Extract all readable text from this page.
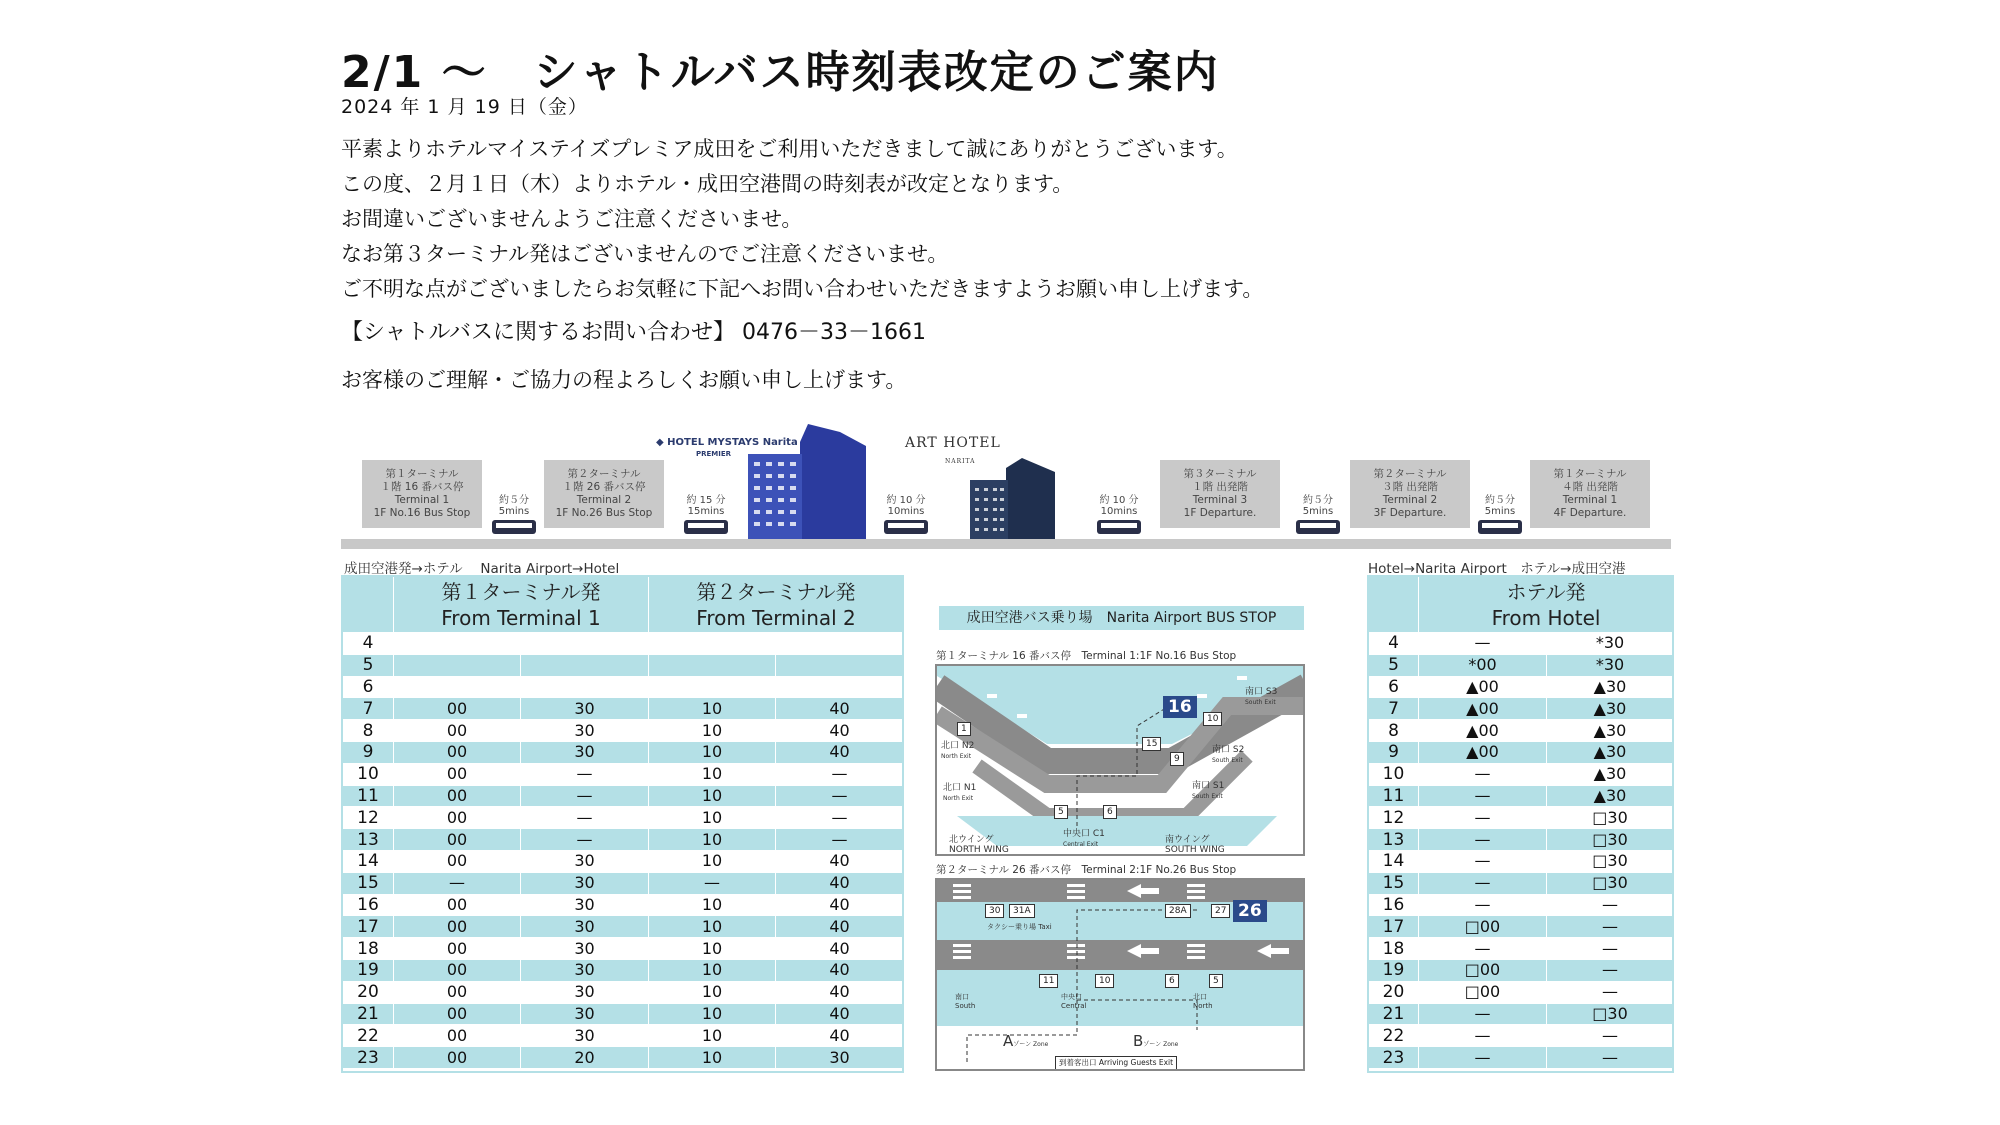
2/1 ～　シャトルバス時刻表改定のご案内
2024 年 1 月 19 日（金）
平素よりホテルマイステイズプレミア成田をご利用いただきまして誠にありがとうございます。
この度、２月１日（木）よりホテル・成田空港間の時刻表が改定となります。
お間違いございませんようご注意くださいませ。
なお第３ターミナル発はございませんのでご注意くださいませ。
ご不明な点がございましたらお気軽に下記へお問い合わせいただきますようお願い申し上げます。
【シャトルバスに関するお問い合わせ】 0476－33－1661
お客様のご理解・ご協力の程よろしくお願い申し上げます。
第１ターミナル
１階 16 番バス停
Terminal 1
1F No.16 Bus Stop
約５分
5mins
第２ターミナル
１階 26 番バス停
Terminal 2
1F No.26 Bus Stop
約 15 分
15mins
◆ HOTEL MYSTAYS Narita
PREMIER
約 10 分
10mins
ART HOTEL
NARITA
約 10 分
10mins
第３ターミナル
１階 出発階
Terminal 3
1F Departure.
約５分
5mins
第２ターミナル
３階 出発階
Terminal 2
3F Departure.
約５分
5mins
第１ターミナル
４階 出発階
Terminal 1
4F Departure.
成田空港発→ホテル　 Narita Airport→Hotel	Hotel→Narita Airport　ホテル→成田空港
	第１ターミナル発
From Terminal 1		第２ターミナル発
From Terminal 2	
4				
5				
6				
7	00	30	10	40
8	00	30	10	40
9	00	30	10	40
10	00	—	10	—
11	00	—	10	—
12	00	—	10	—
13	00	—	10	—
14	00	30	10	40
15	—	30	—	40
16	00	30	10	40
17	00	30	10	40
18	00	30	10	40
19	00	30	10	40
20	00	30	10	40
21	00	30	10	40
22	00	30	10	40
23	00	20	10	30
	ホテル発
From Hotel	
4	—	*30
5	*00	*30
6	▲00	▲30
7	▲00	▲30
8	▲00	▲30
9	▲00	▲30
10	—	▲30
11	—	▲30
12	—	□30
13	—	□30
14	—	□30
15	—	□30
16	—	—
17	□00	—
18	—	—
19	□00	—
20	□00	—
21	—	□30
22	—	—
23	—	—
成田空港バス乗り場　Narita Airport BUS STOP
第１ターミナル 16 番バス停　Terminal 1:1F No.16 Bus Stop
16
10
1
15
9
5	6
南口 S3
South Exit
北口 N2
North Exit
南口 S2
South Exit
北口 N1
North Exit
南口 S1
South Exit
中央口 C1
Central Exit
北ウイング
NORTH WING
南ウイング
SOUTH WING
第２ターミナル 26 番バス停　Terminal 2:1F No.26 Bus Stop
30	31A	28A	27 26
タクシー乗り場 Taxi
11	10	6	5
南口
South
中央口
Central
北口
North
Aゾーン Zone	Bゾーン Zone
到着客出口 Arriving Guests Exit
